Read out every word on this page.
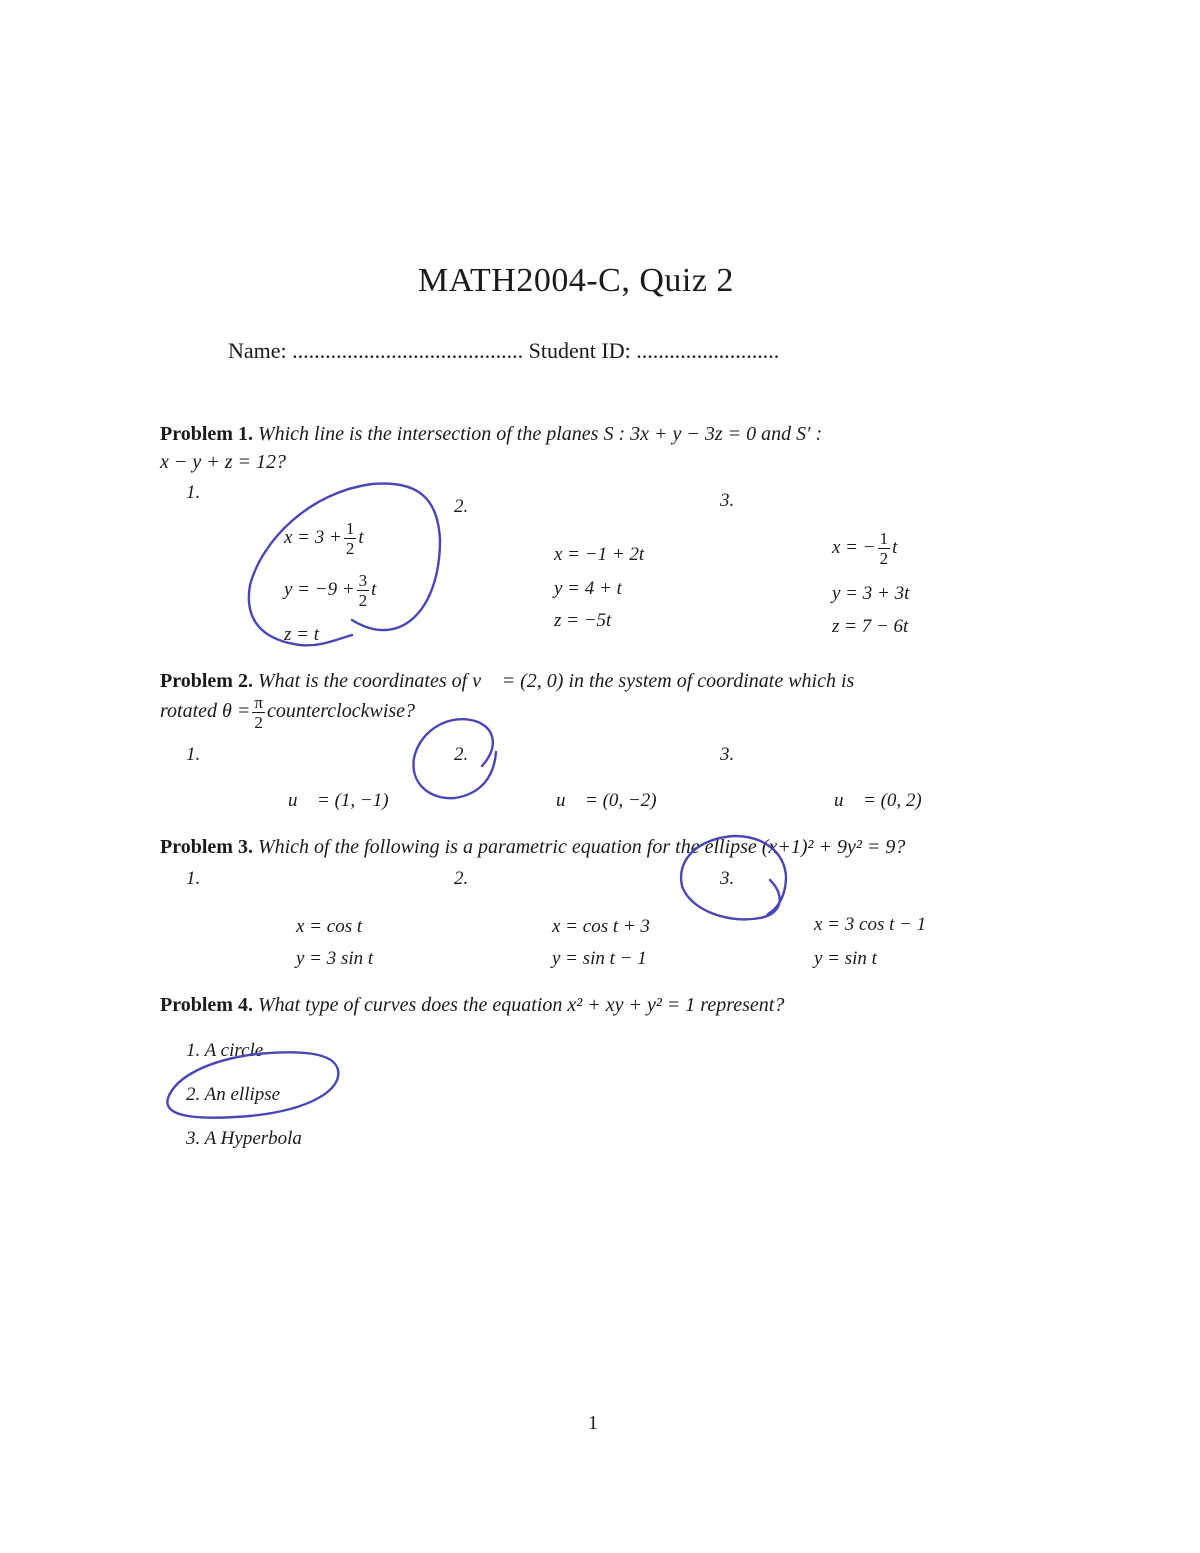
MATH2004-C, Quiz 2
Name: .......................................... Student ID: ..........................
Problem 1. Which line is the intersection of the planes S : 3x + y − 3z = 0 and S′ :
x − y + z = 12?
1.
2.	3.
$x = 3 + \frac{1}{2}$ t
$y = -9 + \frac{3}{2}$ t
z = t
x = −1 + 2t
y = 4 + t
z = −5t
x = − $\frac{1}{2}$ t
y = 3 + 3t
z = 7 − 6t
Problem 2. What is the coordinates of v⃗ = (2, 0) in the system of coordinate which is
rotated $\theta = \frac{\pi}{2}$ counterclockwise?
1.	2.	3.
u⃗ = (1, −1)	u⃗ = (0, −2)	u⃗ = (0, 2)
Problem 3. Which of the following is a parametric equation for the ellipse (x+1)² + 9y² = 9?
1.	2.	3.
x = cos t
y = 3 sin t
x = cos t + 3
y = sin t − 1
x = 3 cos t − 1
y = sin t
Problem 4. What type of curves does the equation x² + xy + y² = 1 represent?
1. A circle
2. An ellipse
3. A Hyperbola
1
